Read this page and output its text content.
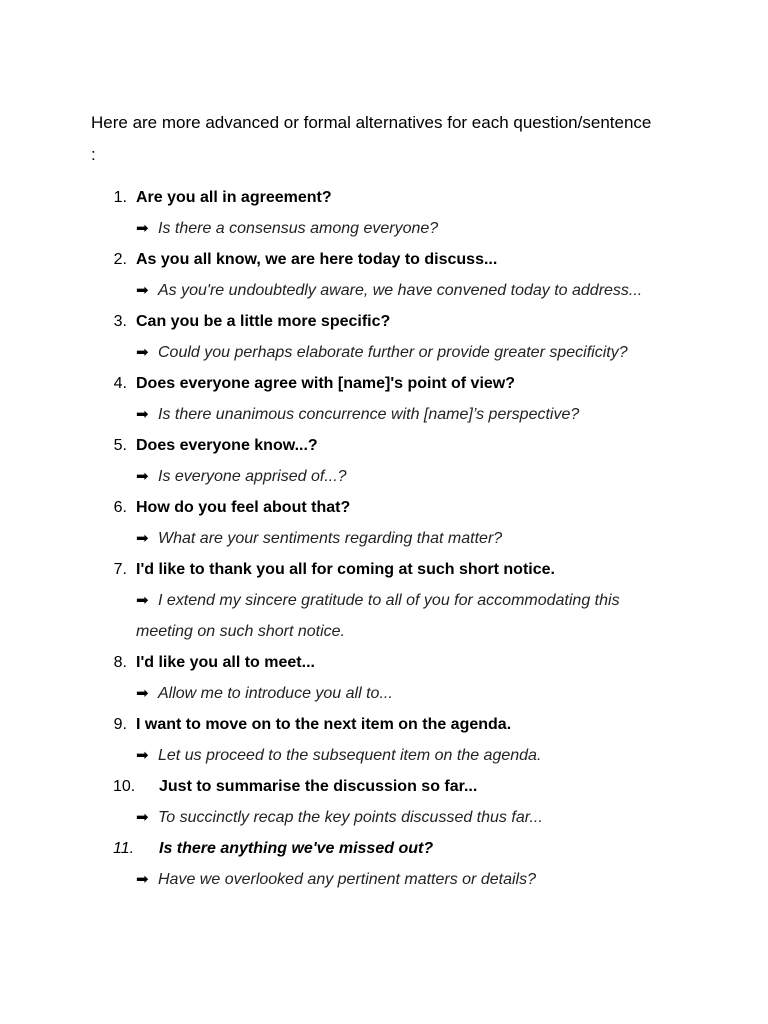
Here are more advanced or formal alternatives for each question/sentence
:
1. Are you all in agreement?
➡ Is there a consensus among everyone?
2. As you all know, we are here today to discuss...
➡ As you're undoubtedly aware, we have convened today to address...
3. Can you be a little more specific?
➡ Could you perhaps elaborate further or provide greater specificity?
4. Does everyone agree with [name]'s point of view?
➡ Is there unanimous concurrence with [name]’s perspective?
5. Does everyone know...?
➡ Is everyone apprised of...?
6. How do you feel about that?
➡ What are your sentiments regarding that matter?
7. I'd like to thank you all for coming at such short notice.
➡ I extend my sincere gratitude to all of you for accommodating this meeting on such short notice.
8. I'd like you all to meet...
➡ Allow me to introduce you all to...
9. I want to move on to the next item on the agenda.
➡ Let us proceed to the subsequent item on the agenda.
10. Just to summarise the discussion so far...
➡ To succinctly recap the key points discussed thus far...
11. Is there anything we've missed out?
➡ Have we overlooked any pertinent matters or details?
